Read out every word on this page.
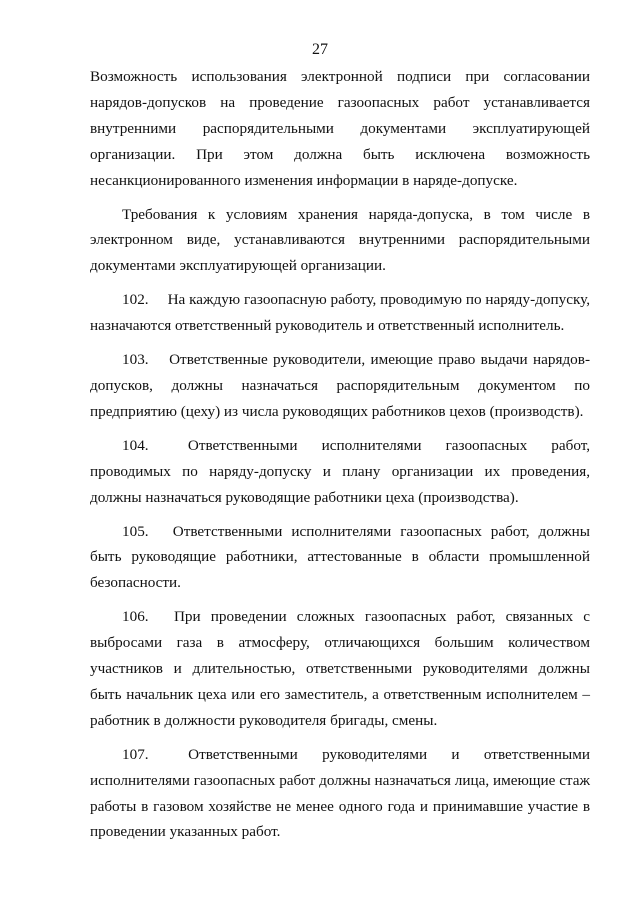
27

Возможность использования электронной подписи при согласовании нарядов-допусков на проведение газоопасных работ устанавливается внутренними распорядительными документами эксплуатирующей организации. При этом должна быть исключена возможность несанкционированного изменения информации в наряде-допуске.

Требования к условиям хранения наряда-допуска, в том числе в электронном виде, устанавливаются внутренними распорядительными документами эксплуатирующей организации.

102.  На каждую газоопасную работу, проводимую по наряду-допуску, назначаются ответственный руководитель и ответственный исполнитель.

103.  Ответственные руководители, имеющие право выдачи нарядов-допусков, должны назначаться распорядительным документом по предприятию (цеху) из числа руководящих работников цехов (производств).

104.  Ответственными исполнителями газоопасных работ, проводимых по наряду-допуску и плану организации их проведения, должны назначаться руководящие работники цеха (производства).

105.  Ответственными исполнителями газоопасных работ, должны быть руководящие работники, аттестованные в области промышленной безопасности.

106.  При проведении сложных газоопасных работ, связанных с выбросами газа в атмосферу, отличающихся большим количеством участников и длительностью, ответственными руководителями должны быть начальник цеха или его заместитель, а ответственным исполнителем – работник в должности руководителя бригады, смены.

107.  Ответственными руководителями и ответственными исполнителями газоопасных работ должны назначаться лица, имеющие стаж работы в газовом хозяйстве не менее одного года и принимавшие участие в проведении указанных работ.
